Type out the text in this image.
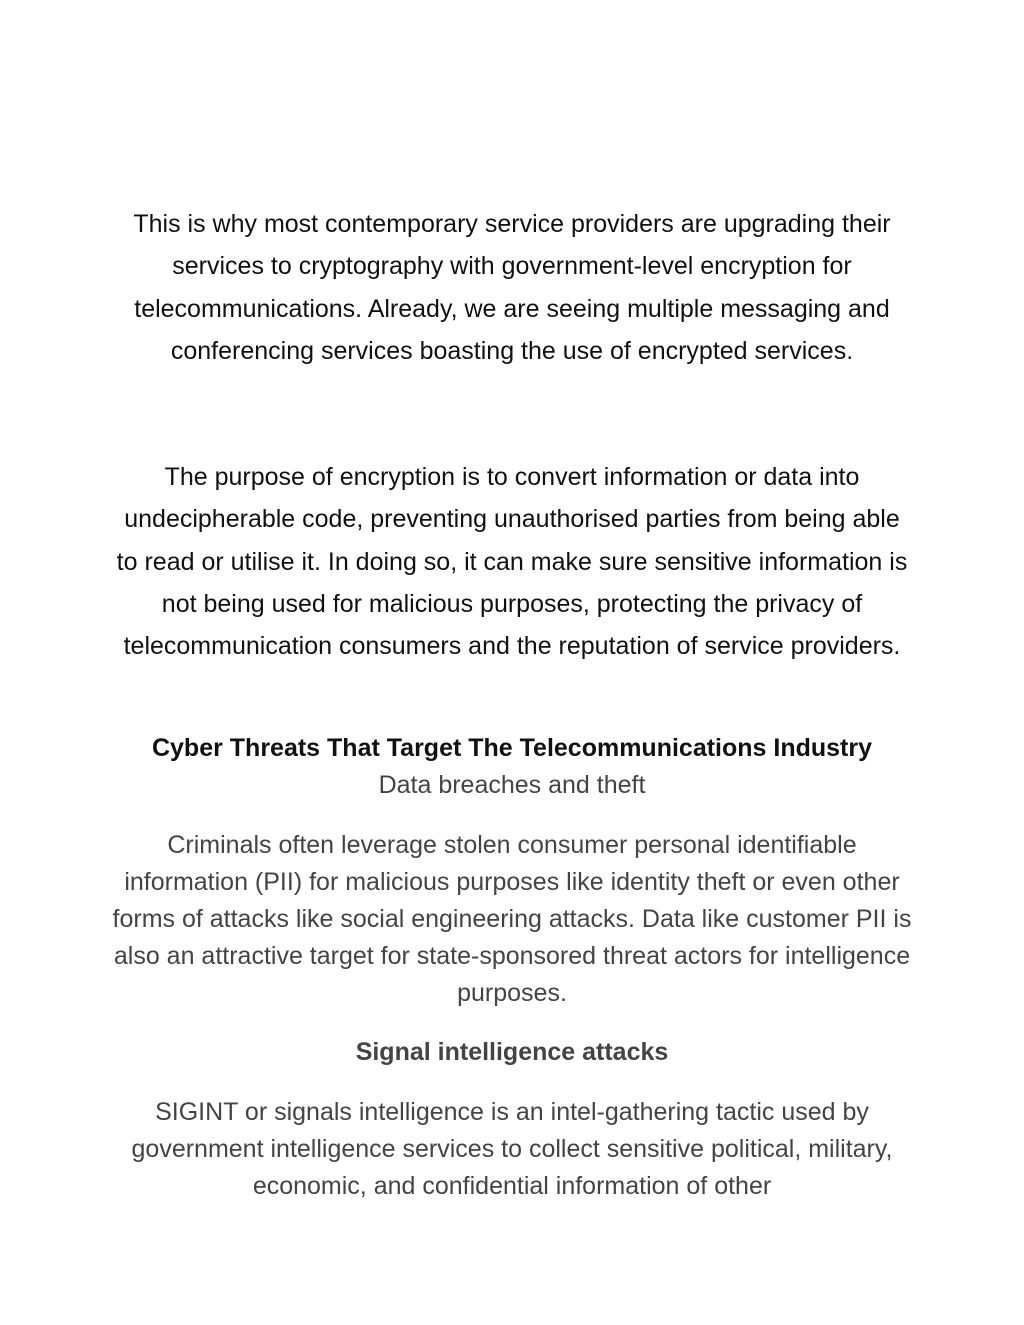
This is why most contemporary service providers are upgrading their services to cryptography with government-level encryption for telecommunications. Already, we are seeing multiple messaging and conferencing services boasting the use of encrypted services.

The purpose of encryption is to convert information or data into undecipherable code, preventing unauthorised parties from being able to read or utilise it. In doing so, it can make sure sensitive information is not being used for malicious purposes, protecting the privacy of telecommunication consumers and the reputation of service providers.

Cyber Threats That Target The Telecommunications Industry

Data breaches and theft

Criminals often leverage stolen consumer personal identifiable information (PII) for malicious purposes like identity theft or even other forms of attacks like social engineering attacks. Data like customer PII is also an attractive target for state-sponsored threat actors for intelligence purposes.

Signal intelligence attacks

SIGINT or signals intelligence is an intel-gathering tactic used by government intelligence services to collect sensitive political, military, economic, and confidential information of other
